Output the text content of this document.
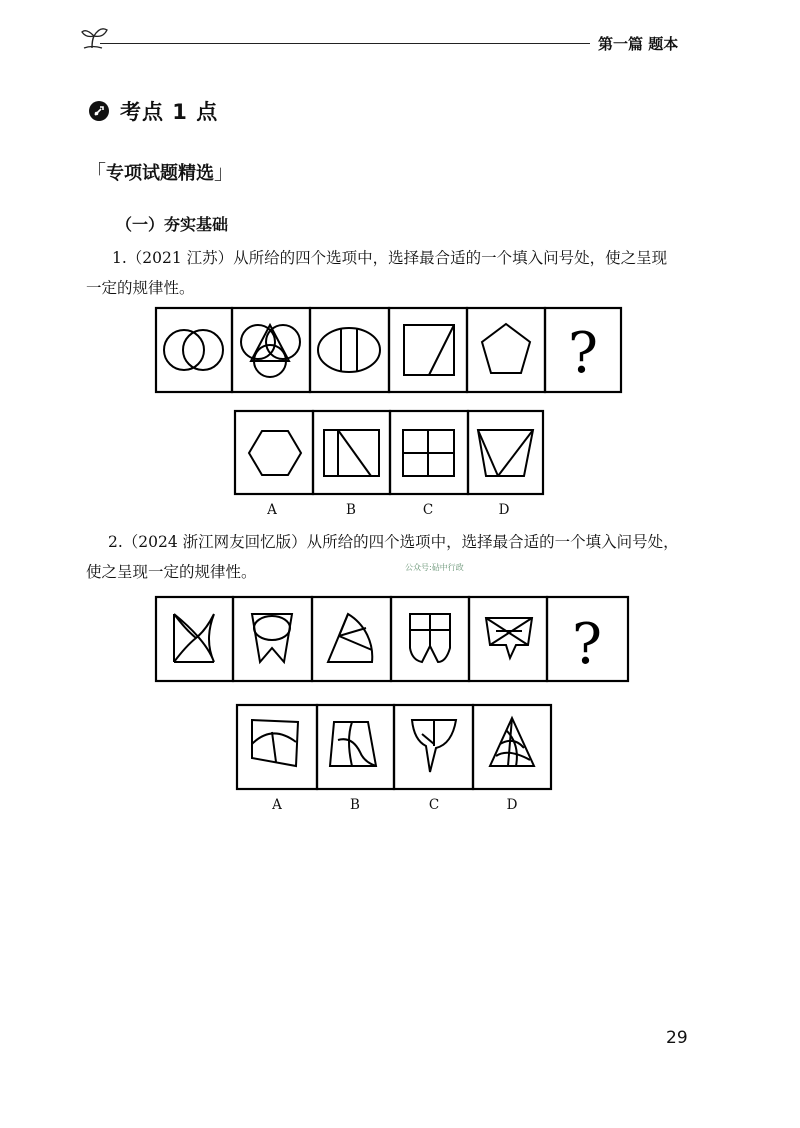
第一篇 题本
考点 1 点
「专项试题精选」
（一）夯实基础
1.（2021 江苏）从所给的四个选项中，选择最合适的一个填入问号处，使之呈现
一定的规律性。
?
A	B	C	D
2.（2024 浙江网友回忆版）从所给的四个选项中，选择最合适的一个填入问号处，
使之呈现一定的规律性。	公众号:砧中行政
?
A	B	C	D
29
